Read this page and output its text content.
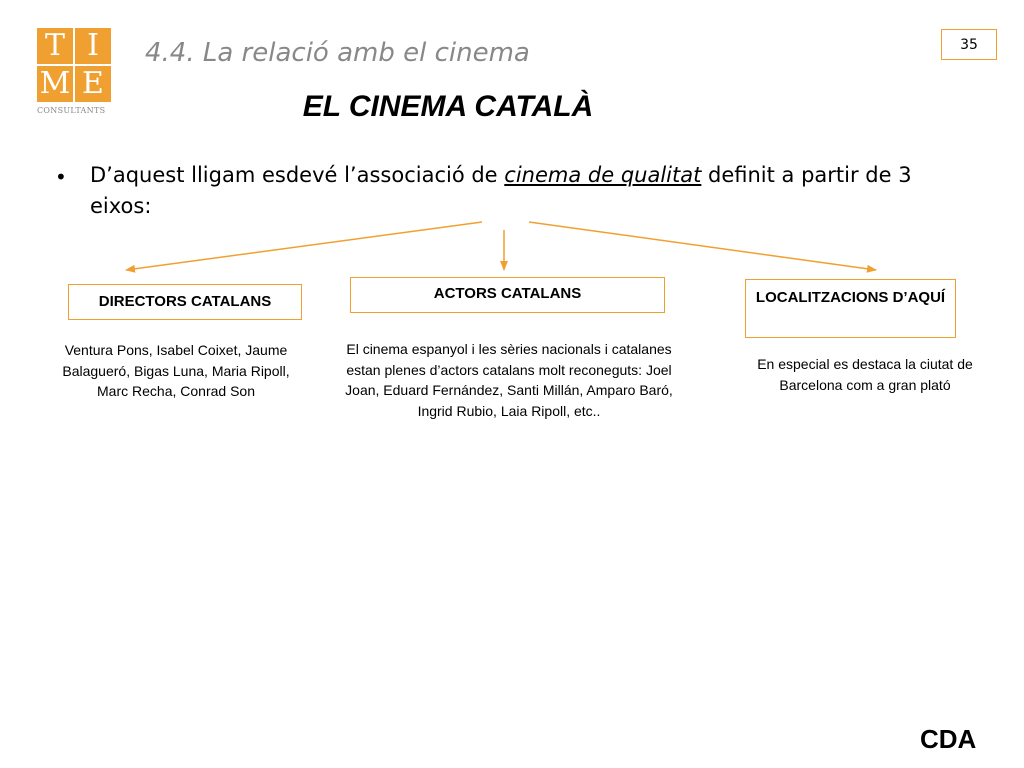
T I
M E
CONSULTANTS
4.4. La relació amb el cinema	35
EL CINEMA CATALÀ
• D’aquest lligam esdevé l’associació de cinema de qualitat definit a partir de 3 eixos:
DIRECTORS CATALANS	ACTORS CATALANS	LOCALITZACIONS D’AQUÍ
Ventura Pons, Isabel Coixet, Jaume Balagueró, Bigas Luna, Maria Ripoll, Marc Recha, Conrad Son
El cinema espanyol i les sèries nacionals i catalanes estan plenes d’actors catalans molt reconeguts: Joel Joan, Eduard Fernández, Santi Millán, Amparo Baró, Ingrid Rubio, Laia Ripoll, etc..
En especial es destaca la ciutat de Barcelona com a gran plató
CDA
